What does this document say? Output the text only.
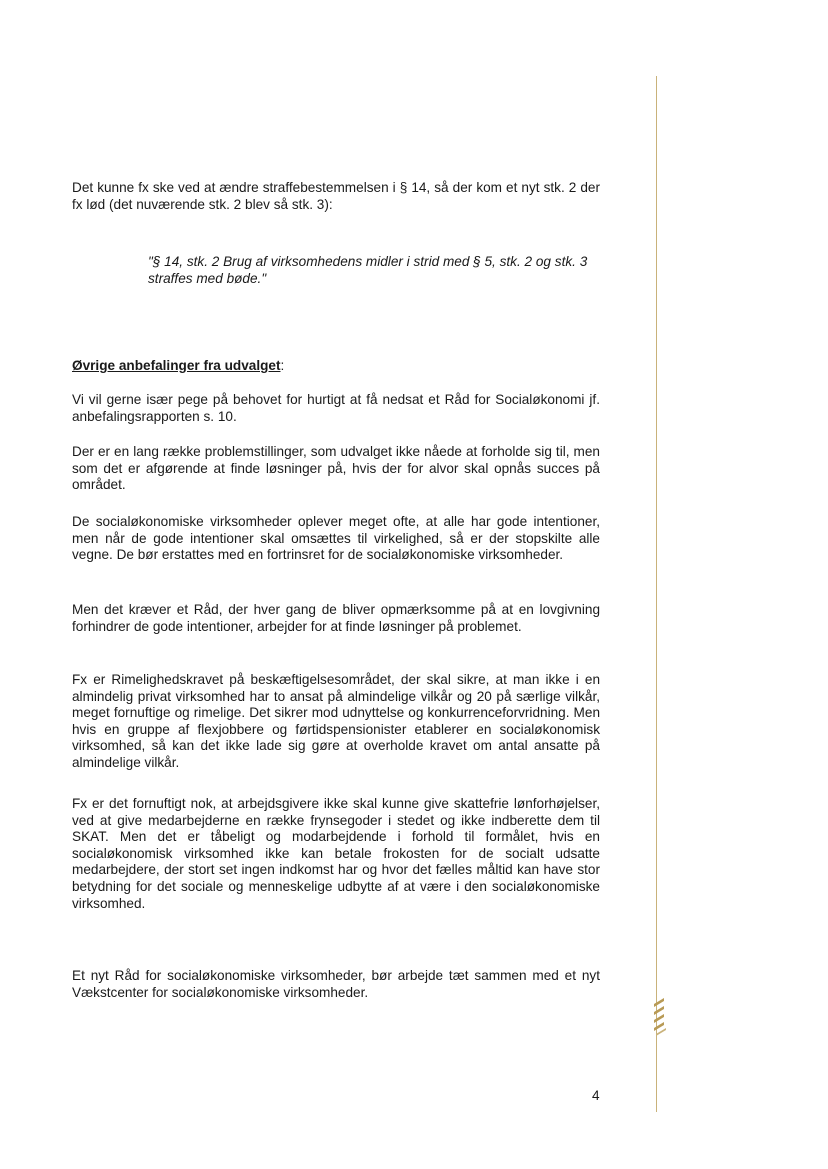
Det kunne fx ske ved at ændre straffebestemmelsen i § 14, så der kom et nyt stk. 2 der fx lød (det nuværende stk. 2 blev så stk. 3):

"§ 14, stk. 2 Brug af virksomhedens midler i strid med § 5, stk. 2 og stk. 3 straffes med bøde."

Øvrige anbefalinger fra udvalget:

Vi vil gerne især pege på behovet for hurtigt at få nedsat et Råd for Socialøkonomi jf. anbefalingsrapporten s. 10.

Der er en lang række problemstillinger, som udvalget ikke nåede at forholde sig til, men som det er afgørende at finde løsninger på, hvis der for alvor skal opnås succes på området.

De socialøkonomiske virksomheder oplever meget ofte, at alle har gode intentioner, men når de gode intentioner skal omsættes til virkelighed, så er der stopskilte alle vegne. De bør erstattes med en fortrinsret for de socialøkonomiske virksomheder.

Men det kræver et Råd, der hver gang de bliver opmærksomme på at en lovgivning forhindrer de gode intentioner, arbejder for at finde løsninger på problemet.

Fx er Rimelighedskravet på beskæftigelsesområdet, der skal sikre, at man ikke i en almindelig privat virksomhed har to ansat på almindelige vilkår og 20 på særlige vilkår, meget fornuftige og rimelige. Det sikrer mod udnyttelse og konkurrenceforvridning. Men hvis en gruppe af flexjobbere og førtidspensionister etablerer en socialøkonomisk virksomhed, så kan det ikke lade sig gøre at overholde kravet om antal ansatte på almindelige vilkår.

Fx er det fornuftigt nok, at arbejdsgivere ikke skal kunne give skattefrie lønforhøjelser, ved at give medarbejderne en række frynsegoder i stedet og ikke indberette dem til SKAT. Men det er tåbeligt og modarbejdende i forhold til formålet, hvis en socialøkonomisk virksomhed ikke kan betale frokosten for de socialt udsatte medarbejdere, der stort set ingen indkomst har og hvor det fælles måltid kan have stor betydning for det sociale og menneskelige udbytte af at være i den socialøkonomiske virksomhed.

Et nyt Råd for socialøkonomiske virksomheder, bør arbejde tæt sammen med et nyt Vækstcenter for socialøkonomiske virksomheder.

4
